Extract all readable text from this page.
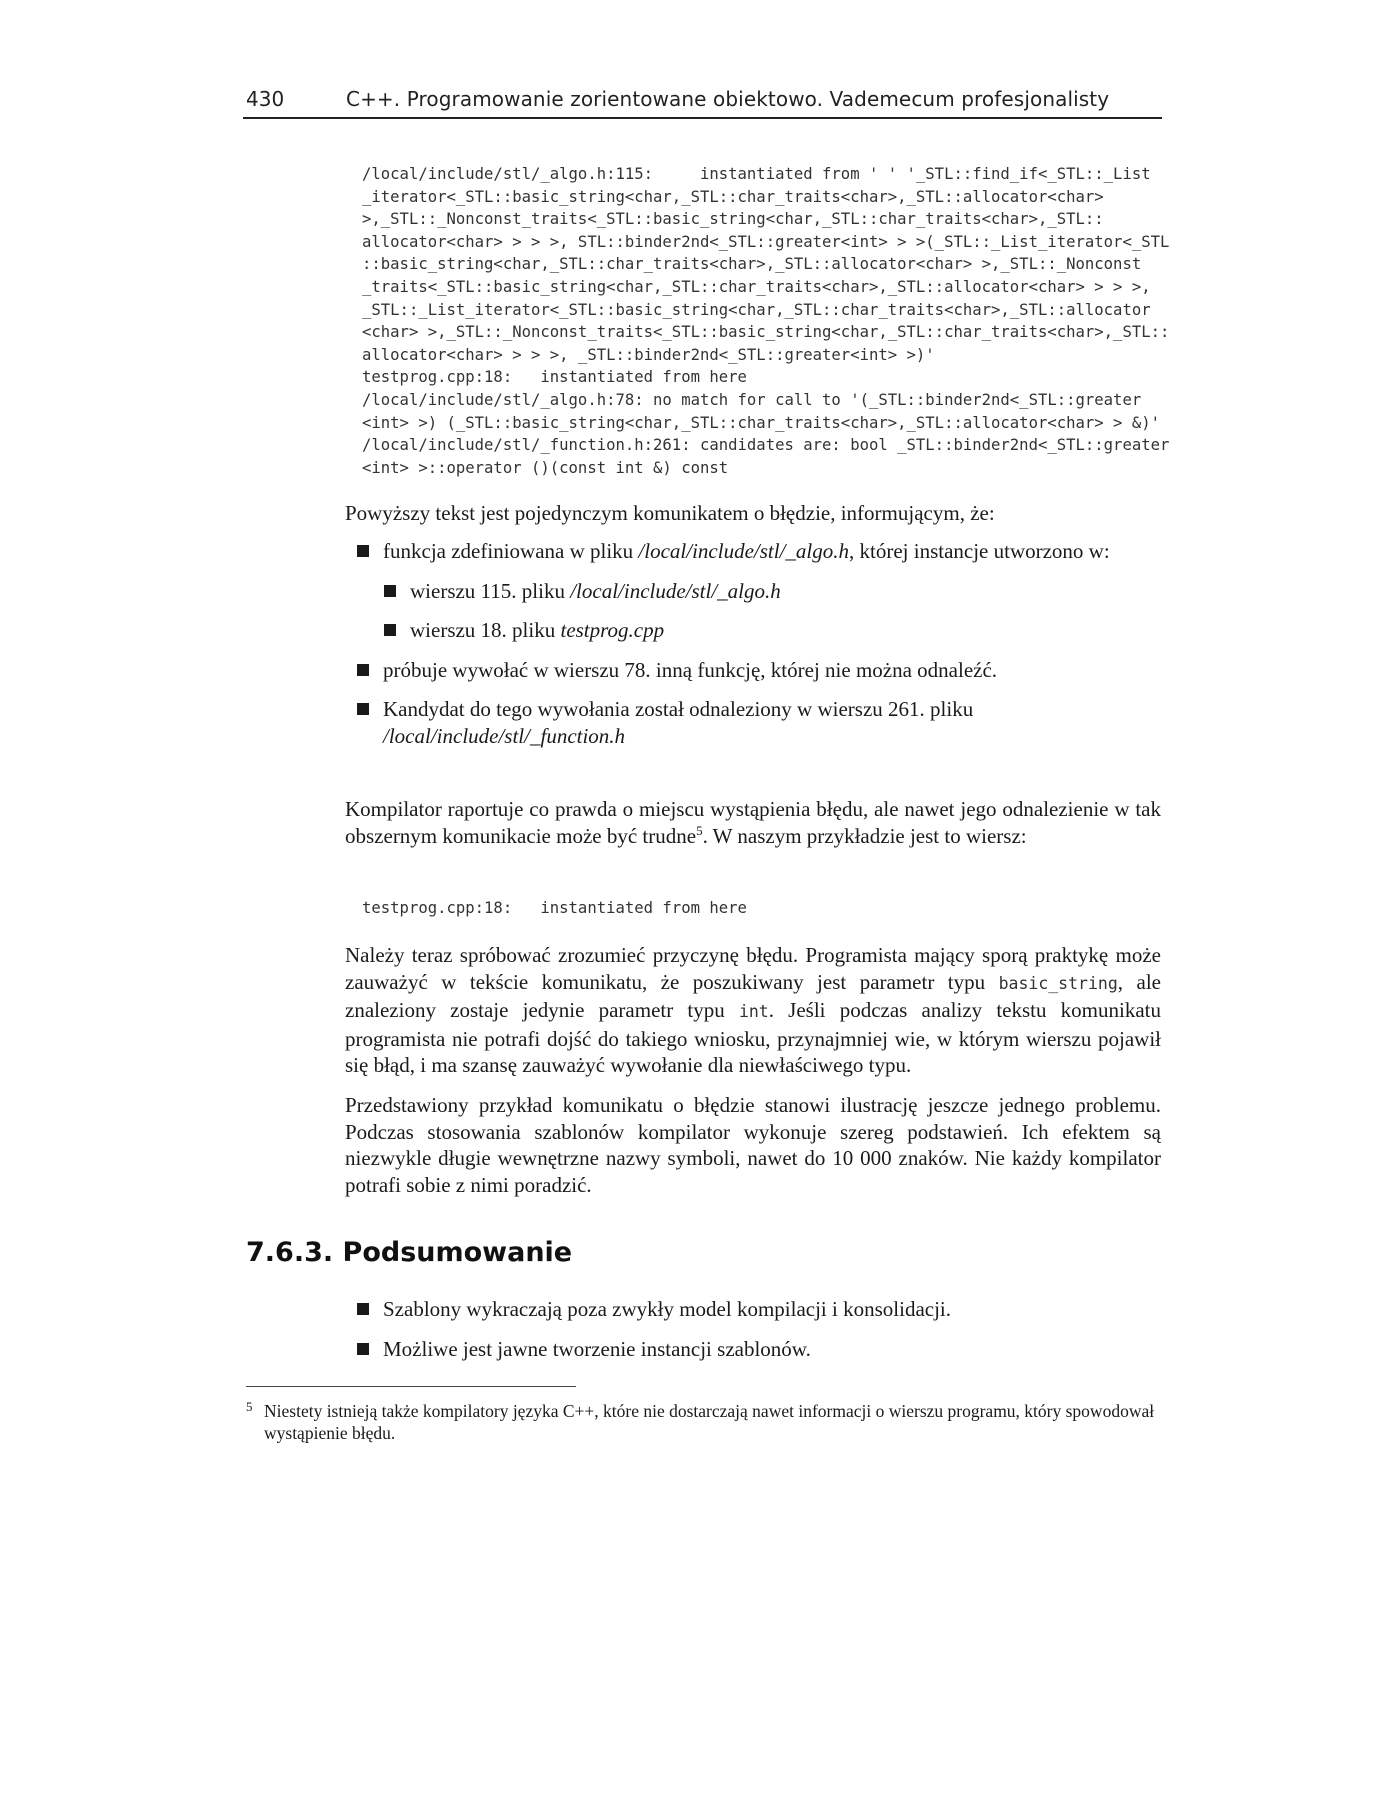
430	C++. Programowanie zorientowane obiektowo. Vademecum profesjonalisty
/local/include/stl/_algo.h:115:     instantiated from ' ' '_STL::find_if<_STL::_List
_iterator<_STL::basic_string<char,_STL::char_traits<char>,_STL::allocator<char>
>,_STL::_Nonconst_traits<_STL::basic_string<char,_STL::char_traits<char>,_STL::
allocator<char> > > >, STL::binder2nd<_STL::greater<int> > >(_STL::_List_iterator<_STL
::basic_string<char,_STL::char_traits<char>,_STL::allocator<char> >,_STL::_Nonconst
_traits<_STL::basic_string<char,_STL::char_traits<char>,_STL::allocator<char> > > >,
_STL::_List_iterator<_STL::basic_string<char,_STL::char_traits<char>,_STL::allocator
<char> >,_STL::_Nonconst_traits<_STL::basic_string<char,_STL::char_traits<char>,_STL::
allocator<char> > > >, _STL::binder2nd<_STL::greater<int> >)'
testprog.cpp:18:   instantiated from here
/local/include/stl/_algo.h:78: no match for call to '(_STL::binder2nd<_STL::greater
<int> >) (_STL::basic_string<char,_STL::char_traits<char>,_STL::allocator<char> > &)'
/local/include/stl/_function.h:261: candidates are: bool _STL::binder2nd<_STL::greater
<int> >::operator ()(const int &) const

Powyższy tekst jest pojedynczym komunikatem o błędzie, informującym, że:

funkcja zdefiniowana w pliku /local/include/stl/_algo.h, której instancje utworzono w:
wierszu 115. pliku /local/include/stl/_algo.h
wierszu 18. pliku testprog.cpp
próbuje wywołać w wierszu 78. inną funkcję, której nie można odnaleźć.
Kandydat do tego wywołania został odnaleziony w wierszu 261. pliku /local/include/stl/_function.h

Kompilator raportuje co prawda o miejscu wystąpienia błędu, ale nawet jego odnalezienie w tak obszernym komunikacie może być trudne$^5$. W naszym przykładzie jest to wiersz:

testprog.cpp:18:   instantiated from here

Należy teraz spróbować zrozumieć przyczynę błędu. Programista mający sporą praktykę może zauważyć w tekście komunikatu, że poszukiwany jest parametr typu basic_string, ale znaleziony zostaje jedynie parametr typu int. Jeśli podczas analizy tekstu komunikatu programista nie potrafi dojść do takiego wniosku, przynajmniej wie, w którym wierszu pojawił się błąd, i ma szansę zauważyć wywołanie dla niewłaściwego typu.

Przedstawiony przykład komunikatu o błędzie stanowi ilustrację jeszcze jednego problemu. Podczas stosowania szablonów kompilator wykonuje szereg podstawień. Ich efektem są niezwykle długie wewnętrzne nazwy symboli, nawet do 10 000 znaków. Nie każdy kompilator potrafi sobie z nimi poradzić.

7.6.3. Podsumowanie
Szablony wykraczają poza zwykły model kompilacji i konsolidacji.
Możliwe jest jawne tworzenie instancji szablonów.

5 Niestety istnieją także kompilatory języka C++, które nie dostarczają nawet informacji o wierszu programu, który spowodował wystąpienie błędu.
